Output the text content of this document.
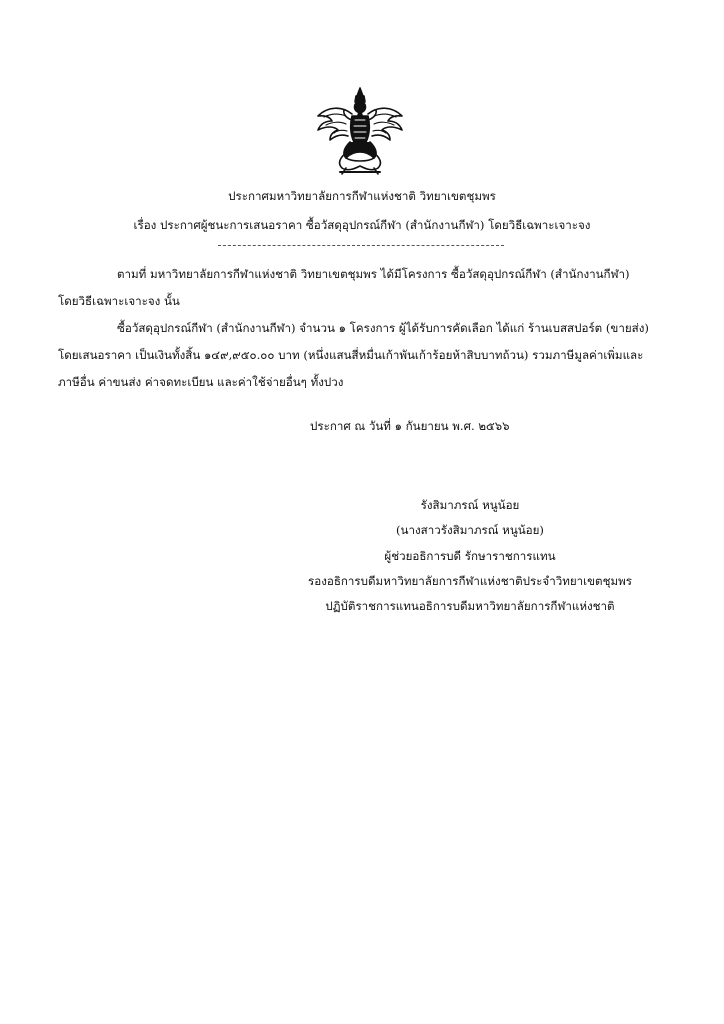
ประกาศมหาวิทยาลัยการกีฬาแห่งชาติ วิทยาเขตชุมพร
เรื่อง ประกาศผู้ชนะการเสนอราคา ซื้อวัสดุอุปกรณ์กีฬา (สำนักงานกีฬา) โดยวิธีเฉพาะเจาะจง
ตามที่ มหาวิทยาลัยการกีฬาแห่งชาติ วิทยาเขตชุมพร ได้มีโครงการ ซื้อวัสดุอุปกรณ์กีฬา (สำนักงานกีฬา)
โดยวิธีเฉพาะเจาะจง นั้น
ซื้อวัสดุอุปกรณ์กีฬา (สำนักงานกีฬา) จำนวน ๑ โครงการ ผู้ได้รับการคัดเลือก ได้แก่ ร้านเบสสปอร์ต (ขายส่ง)
โดยเสนอราคา เป็นเงินทั้งสิ้น ๑๔๙,๙๕๐.๐๐ บาท (หนึ่งแสนสี่หมื่นเก้าพันเก้าร้อยห้าสิบบาทถ้วน) รวมภาษีมูลค่าเพิ่มและ
ภาษีอื่น ค่าขนส่ง ค่าจดทะเบียน และค่าใช้จ่ายอื่นๆ ทั้งปวง
ประกาศ ณ วันที่ ๑ กันยายน พ.ศ. ๒๕๖๖
รังสิมาภรณ์ หนูน้อย
(นางสาวรังสิมาภรณ์ หนูน้อย)
ผู้ช่วยอธิการบดี รักษาราชการแทน
รองอธิการบดีมหาวิทยาลัยการกีฬาแห่งชาติประจำวิทยาเขตชุมพร
ปฏิบัติราชการแทนอธิการบดีมหาวิทยาลัยการกีฬาแห่งชาติ
